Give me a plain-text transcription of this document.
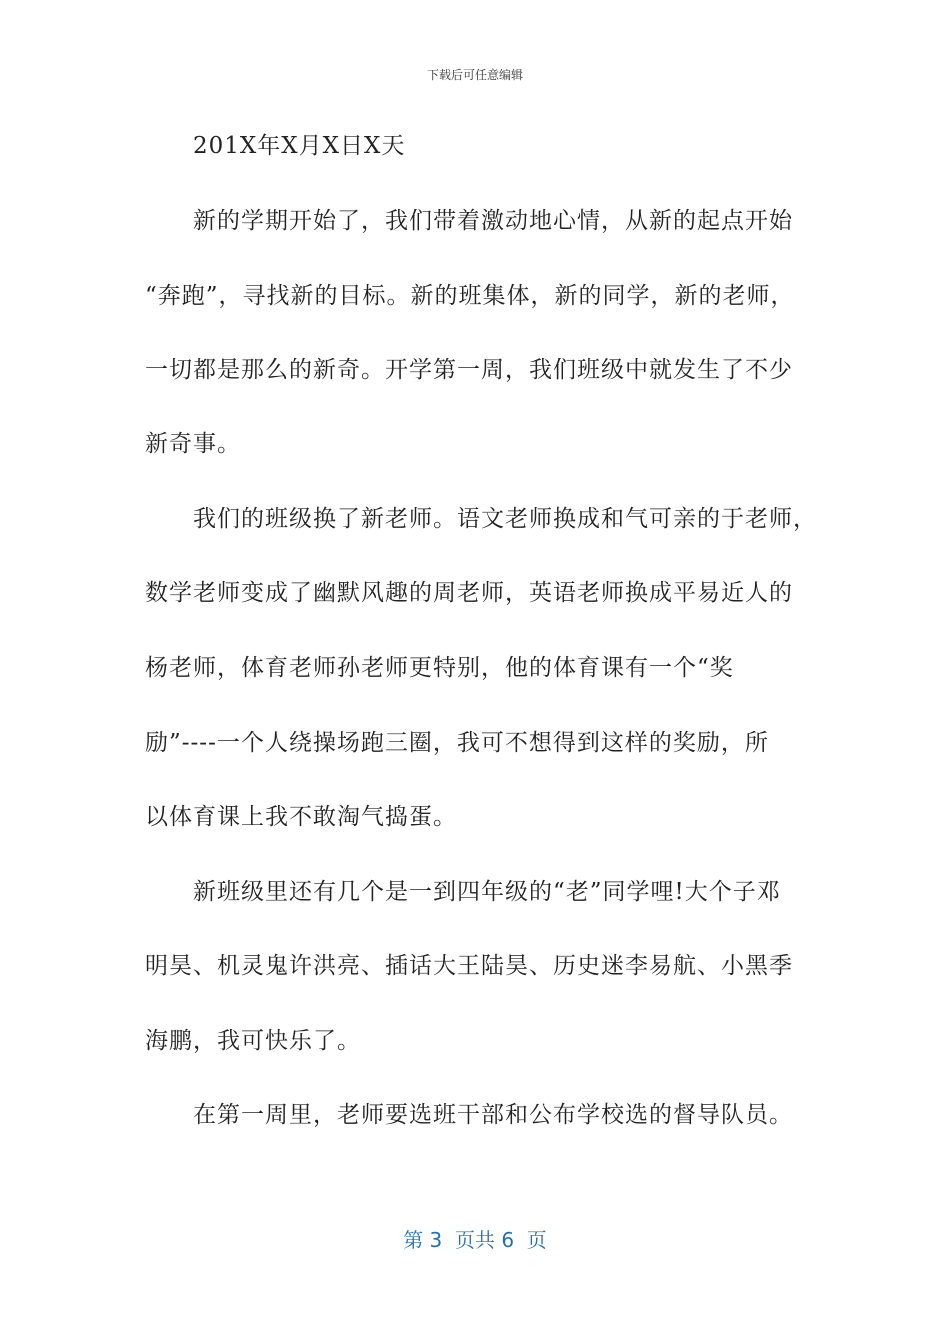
下载后可任意编辑
201X年X月X日X天
新的学期开始了，我们带着激动地心情，从新的起点开始
“奔跑”，寻找新的目标。新的班集体，新的同学，新的老师，
一切都是那么的新奇。开学第一周，我们班级中就发生了不少
新奇事。
我们的班级换了新老师。语文老师换成和气可亲的于老师，
数学老师变成了幽默风趣的周老师，英语老师换成平易近人的
杨老师，体育老师孙老师更特别，他的体育课有一个“奖
励”----一个人绕操场跑三圈，我可不想得到这样的奖励，所
以体育课上我不敢淘气捣蛋。
新班级里还有几个是一到四年级的“老”同学哩!大个子邓
明昊、机灵鬼许洪亮、插话大王陆昊、历史迷李易航、小黑季
海鹏，我可快乐了。
在第一周里，老师要选班干部和公布学校选的督导队员。
第 3  页共 6  页
